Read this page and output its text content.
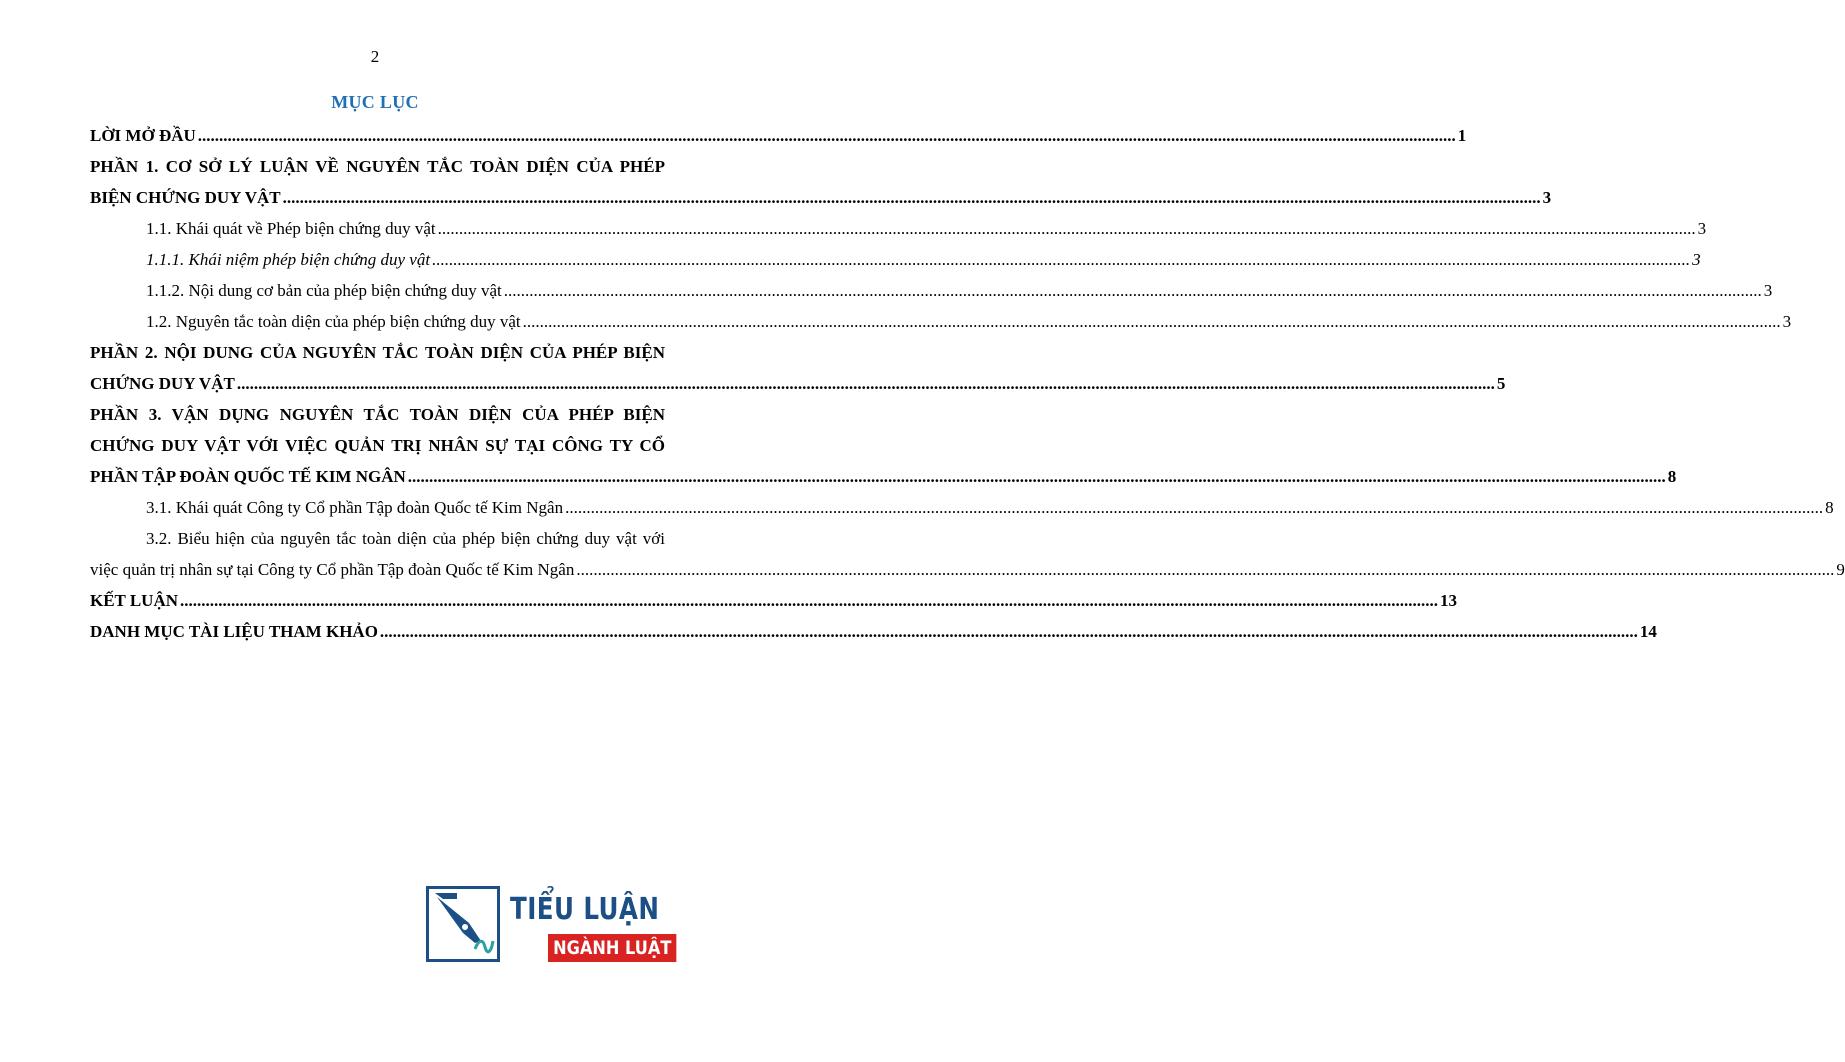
2
MỤC LỤC
LỜI MỞ ĐẦU .....	1
PHẦN 1. CƠ SỞ LÝ LUẬN VỀ NGUYÊN TẮC TOÀN DIỆN CỦA PHÉP
BIỆN CHỨNG DUY VẬT .....	3
1.1. Khái quát về Phép biện chứng duy vật .....	3
1.1.1. Khái niệm phép biện chứng duy vật .....	3
1.1.2. Nội dung cơ bản của phép biện chứng duy vật .....	3
1.2. Nguyên tắc toàn diện của phép biện chứng duy vật .....	3
PHẦN 2. NỘI DUNG CỦA NGUYÊN TẮC TOÀN DIỆN CỦA PHÉP BIỆN
CHỨNG DUY VẬT .....	5
PHẦN 3. VẬN DỤNG NGUYÊN TẮC TOÀN DIỆN CỦA PHÉP BIỆN
CHỨNG DUY VẬT VỚI VIỆC QUẢN TRỊ NHÂN SỰ TẠI CÔNG TY CỔ
PHẦN TẬP ĐOÀN QUỐC TẾ KIM NGÂN .....	8
3.1. Khái quát Công ty Cổ phần Tập đoàn Quốc tế Kim Ngân .....	8
3.2. Biểu hiện của nguyên tắc toàn diện của phép biện chứng duy vật với
việc quản trị nhân sự tại Công ty Cổ phần Tập đoàn Quốc tế Kim Ngân .....	9
KẾT LUẬN .....	13
DANH MỤC TÀI LIỆU THAM KHẢO .....	14
TIỂU LUẬN
NGÀNH LUẬT
